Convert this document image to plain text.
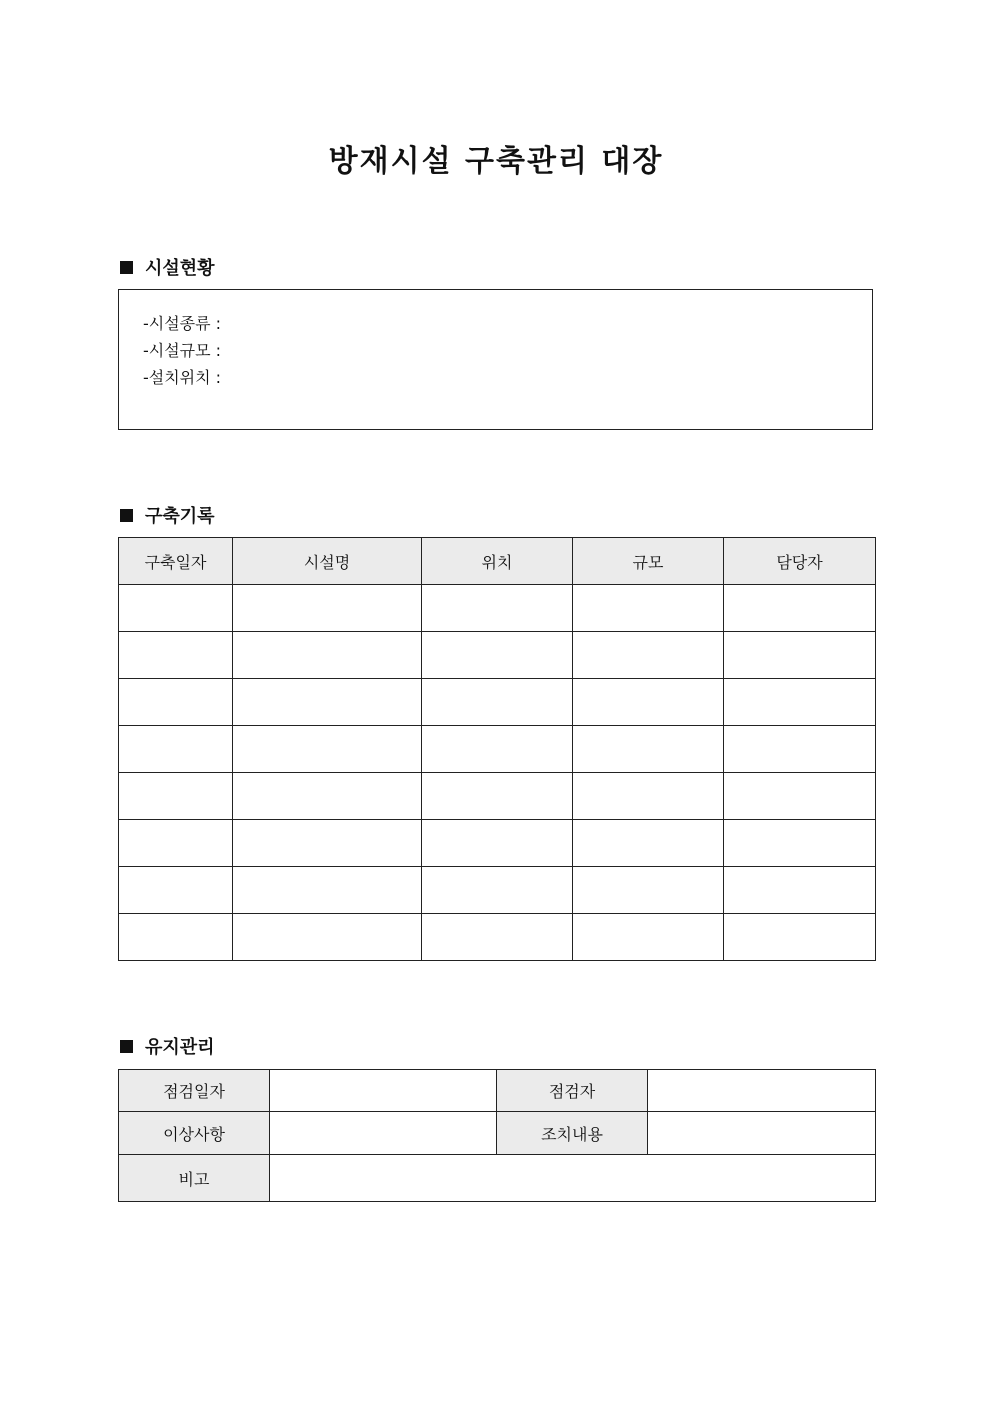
방재시설 구축관리 대장
시설현황
-시설종류 :
-시설규모 :
-설치위치 :
구축기록
구축일자	시설명	위치	규모	담당자

유지관리
점검일자		점검자	
이상사항		조치내용	
비고			
